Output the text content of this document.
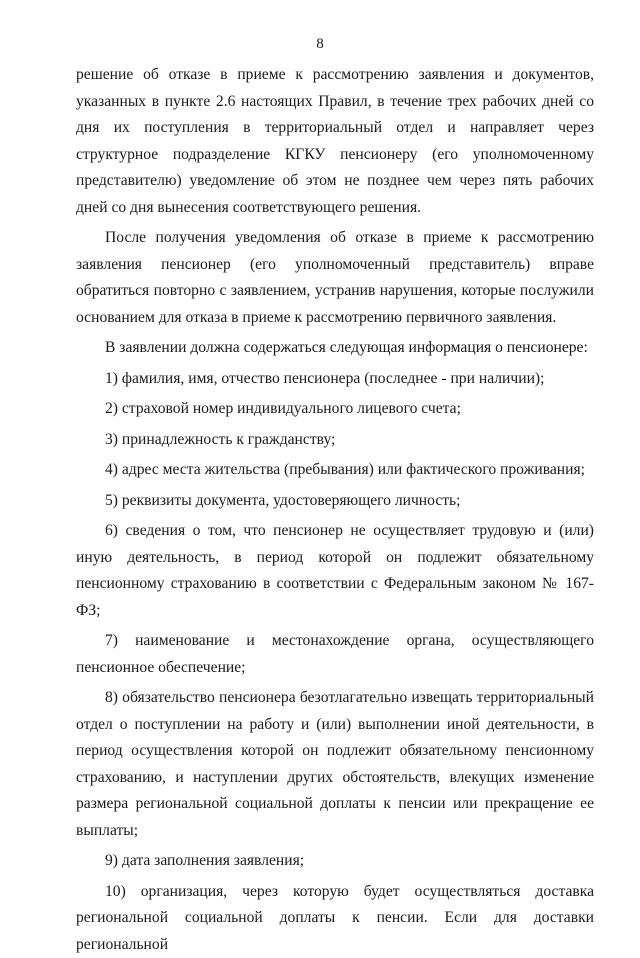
8

решение об отказе в приеме к рассмотрению заявления и документов, указанных в пункте 2.6 настоящих Правил, в течение трех рабочих дней со дня их поступления в территориальный отдел и направляет через структурное подразделение КГКУ пенсионеру (его уполномоченному представителю) уведомление об этом не позднее чем через пять рабочих дней со дня вынесения соответствующего решения.

После получения уведомления об отказе в приеме к рассмотрению заявления пенсионер (его уполномоченный представитель) вправе обратиться повторно с заявлением, устранив нарушения, которые послужили основанием для отказа в приеме к рассмотрению первичного заявления.

В заявлении должна содержаться следующая информация о пенсионере:

1) фамилия, имя, отчество пенсионера (последнее - при наличии);

2) страховой номер индивидуального лицевого счета;

3) принадлежность к гражданству;

4) адрес места жительства (пребывания) или фактического проживания;

5) реквизиты документа, удостоверяющего личность;

6) сведения о том, что пенсионер не осуществляет трудовую и (или) иную деятельность, в период которой он подлежит обязательному пенсионному страхованию в соответствии с Федеральным законом № 167-ФЗ;

7) наименование и местонахождение органа, осуществляющего пенсионное обеспечение;

8) обязательство пенсионера безотлагательно извещать территориальный отдел о поступлении на работу и (или) выполнении иной деятельности, в период осуществления которой он подлежит обязательному пенсионному страхованию, и наступлении других обстоятельств, влекущих изменение размера региональной социальной доплаты к пенсии или прекращение ее выплаты;

9) дата заполнения заявления;

10) организация, через которую будет осуществляться доставка региональной социальной доплаты к пенсии. Если для доставки региональной
